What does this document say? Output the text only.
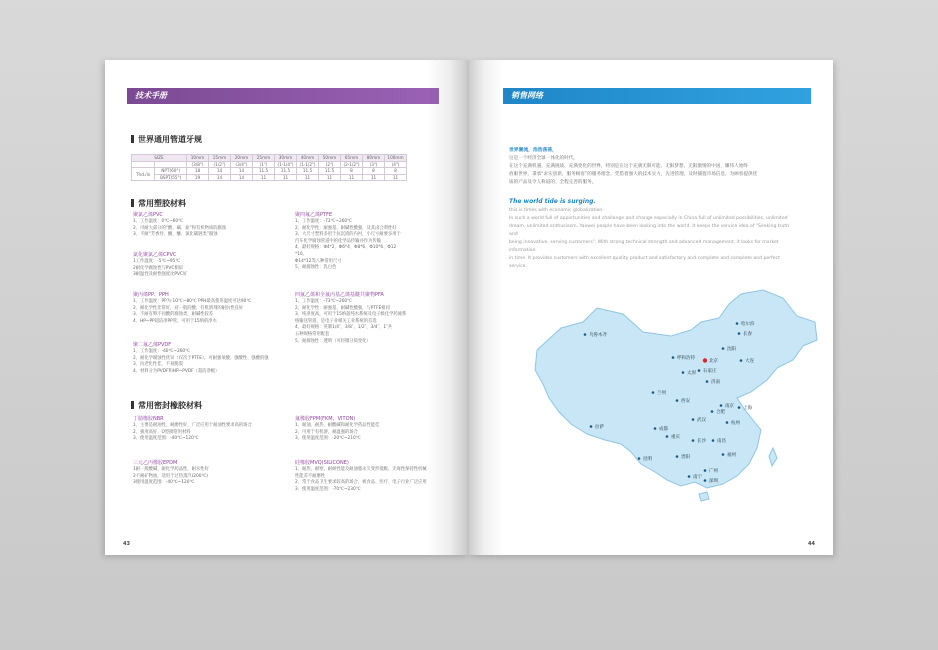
技术手册
世界通用管道牙规
SIZE		10mm	15mm	20mm	25mm	30mm	40mm	50mm	65mm	80mm	100mm
		(3/8")	(1/2")	(3/4")	(1")	(1-1/4")	(1-1/2")	(2")	(2-1/2")	(3")	(4")
Thd./in	NPT(60°)	18	14	14	11.5	11.5	11.5	11.5	8	8	8
	BSPT(55°)	19	14	14	11	11	11	11	11	11	11
常用塑胶材料
聚氯乙烯PVC
1、工作温度：0℃~60℃
2、可耐大部分的“酸、碱、盐”和有机物质的腐蚀
3、不耐“芳香烃、酮、醚、氯化碳链类”腐蚀
氯化聚氯乙烯CPVC
1工作温度：-5℃~95℃
2耐化学腐蚀性与PVC相似
3耐温性及耐性强度比PVC好
聚丙烯PP、PPH
1、工作温度：PP为-10℃~80℃ PPH最高使用温度可达90℃
2、耐化学性非常好，对一般的酸、有机溶剂的耐抗性良好
3、不耐有卵不同酸的腐蚀类，耐碱性较差
4、HP~PP超洁净PP管，可用于15纳的净水
聚二氟乙烯PVDF
1、工作温度：-40℃~260℃
2、耐化学腐蚀性优异（仅次于PTFE），可耐强氧酸、强酸性、强酸的强
3、抗老化性佳、不易脆裂
4、材料分为PVDF和HP~PVDF（超洁净级）
聚四氟乙烯PTFE
1、工作温度：-73℃~260℃
2、耐化学性：耐强基、耐碱性酸强，及其卤合剂性好
3、大尺寸塑料多用于抗沉渣的内衬，小尺寸耐要多用于
汽车化学腐蚀管道中的化学品传输并作为传输
4、最好规格：Φ4*2、Φ6*4、Φ8*6、Φ10*6、Φ12
*10。
Φ14*12等八种常用尺寸
5、耐腐蚀性：乳白色
四氟乙烯和全氟丙基乙烯基醚共聚物PFA
1、工作温度：-73℃~260℃
2、耐化学性：耐强基、耐碱性酸强，与PTFE相同
3、纯净度高，可用于15纳超纯水系统及电子级化学药液系
统输送管道，是电子业相关工业系统的首选
4、最好规格：英制1/4″、3/8″、1/2″、3/4″、1″共
五种规格常用配套
5、耐腐蚀性：透明（可轻微分质变化）
常用密封橡胶材料
丁腈橡胶NBR
1、主要是耐油性、耐磨性好，广泛应用于耐油性要求高的场合
2、强度高好，O型圈常用材料
3、使用温度范围：-40℃~120℃
三元乙丙橡胶EPDM
1耐一般酸碱，耐化学药品性，耐水性好
2不耐矿物油，适用于过热蒸汽(200℃)
3使用温度范围：-40℃~120℃
氟橡胶FPM(FKM、VITON)
1、耐油、耐热、耐酸碱和耐化学药品性能佳
2、可用于有机溶、耐温强的场合
3、使用温度范围：-20℃~210℃
硅橡胶MVQ(SILICONE)
1、耐热、耐寒、耐候性能及耐油脂永久变形低级，无毒性保持性机械
性能差不耐磨性
2、常于食品卫生要求较高的场合，被食品、医疗、电子行业广泛应用
3、使用温度范围：-70℃~230℃
43
销售网络
世界潮流，浩浩荡荡，
这是一个经济全球一体化的时代。
在这个充满机遇、充满挑战、充满变化的世界，特别是在这个充满无限可能、无限梦想、无限激情的中国，耀伟人始终
放眼世界，秉承“求实创新，服务顾客”的服务理念，凭借着强大的技术实力，先进管理，及时捕捉市场信息，为顾客提供优
质的产品及令人称道的、全程完善的服务。
The world tide is surging.
this is times with economic globalization.
In such a world full of opportunities and challenge and change especially in China full of unlimited possibilities, unlimited
dream, unlimited enthusiasm, Yaowei people have been looking into the world. It keeps the service idea of "Seeking truth and
being innovative, serving customers". With strong technical strength and advanced management, it looks for market information
in time. It provides customers with excellent quality product and satisfactory and complete and complete and perfect service.
哈尔滨
长春
沈阳
大连
乌鲁木齐
呼和浩特
北京
石家庄
太原
济南
兰州
西安
南京 上海
合肥
武汉
杭州
拉萨	成都
重庆
长沙 南昌
福州
贵阳
昆明
广州
南宁
深圳
44
